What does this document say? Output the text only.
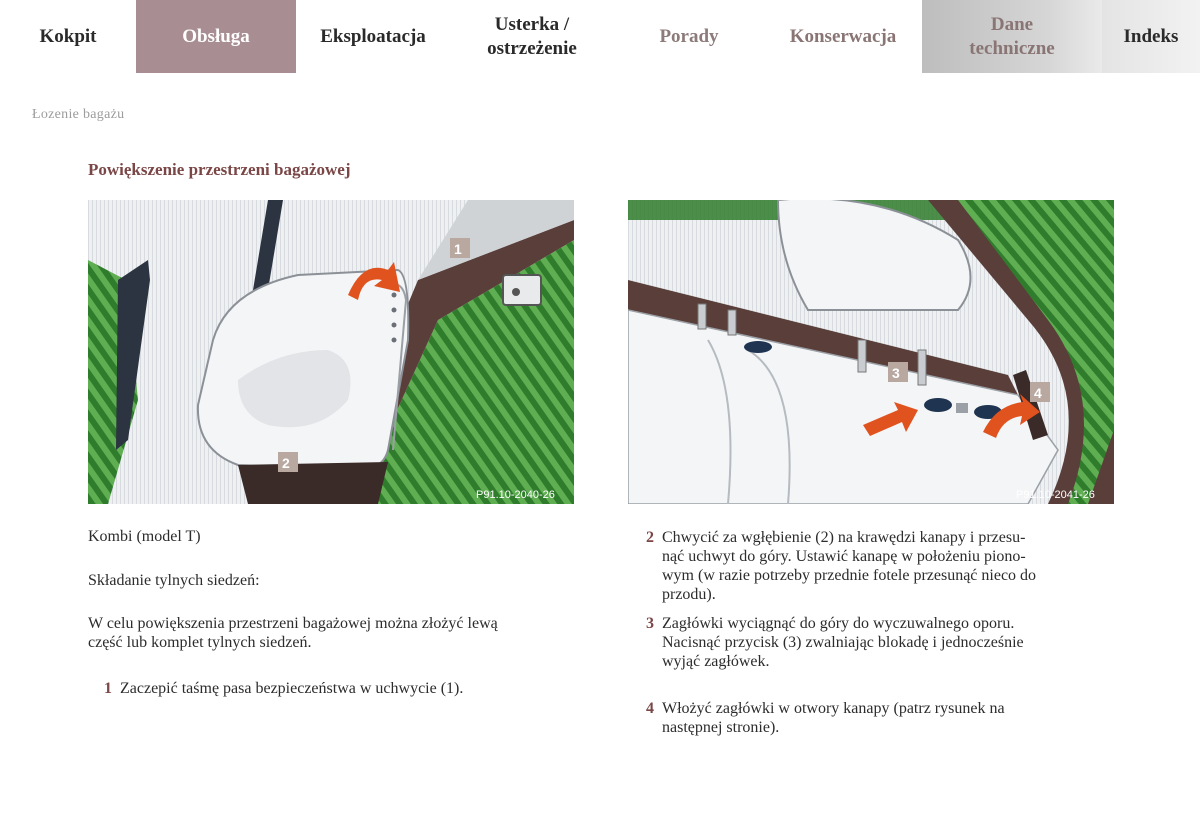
Kokpit	Obsługa	Eksploatacja
Usterka /
ostrzeżenie
Porady	Konserwacja
Dane
techniczne
Indeks
Łozenie bagażu
Powiększenie przestrzeni bagażowej
1
2
P91.10-2040-26
3
4
P91.10-2041-26
Kombi (model T)
Składanie tylnych siedzeń:
W celu powiększenia przestrzeni bagażowej można złożyć lewą
część lub komplet tylnych siedzeń.
1 Zaczepić taśmę pasa bezpieczeństwa w uchwycie (1).
2 Chwycić za wgłębienie (2) na krawędzi kanapy i przesu-
nąć uchwyt do góry. Ustawić kanapę w położeniu piono-
wym (w razie potrzeby przednie fotele przesunąć nieco do
przodu).
3 Zagłówki wyciągnąć do góry do wyczuwalnego oporu.
Nacisnąć przycisk (3) zwalniając blokadę i jednocześnie
wyjąć zagłówek.
4 Włożyć zagłówki w otwory kanapy (patrz rysunek na
następnej stronie).
